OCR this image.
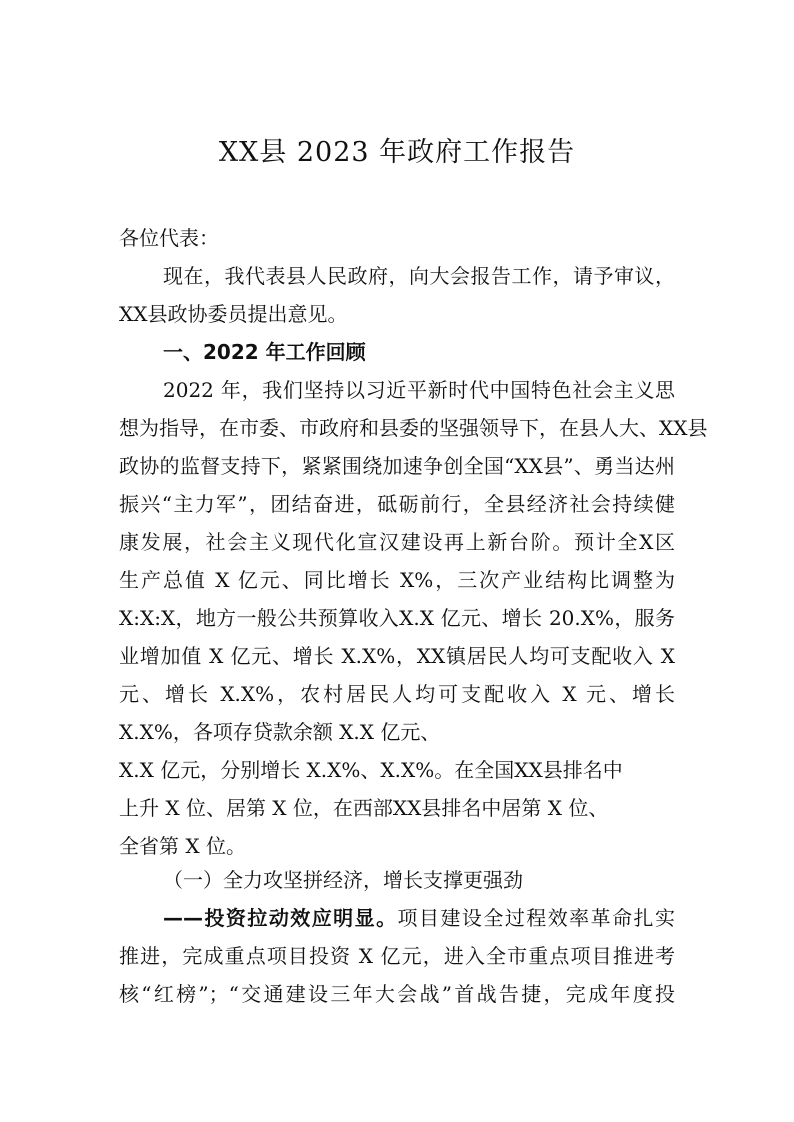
XX县 2023 年政府工作报告
各位代表：
现在，我代表县人民政府，向大会报告工作，请予审议，
XX县政协委员提出意见。
一、2022 年工作回顾
2022 年，我们坚持以习近平新时代中国特色社会主义思
想为指导，在市委、市政府和县委的坚强领导下，在县人大、XX县
政协的监督支持下，紧紧围绕加速争创全国“XX县”、勇当达州
振兴“主力军”，团结奋进，砥砺前行，全县经济社会持续健
康发展，社会主义现代化宣汉建设再上新台阶。预计全X区
生产总值 X 亿元、同比增长 X%，三次产业结构比调整为
X:X:X，地方一般公共预算收入X.X 亿元、增长 20.X%，服务
业增加值 X 亿元、增长 X.X%，XX镇居民人均可支配收入 X
元、增长 X.X%，农村居民人均可支配收入 X 元、增长
X.X%，各项存贷款余额 X.X 亿元、
X.X 亿元，分别增长 X.X%、X.X%。在全国XX县排名中
上升 X 位、居第 X 位，在西部XX县排名中居第 X 位、
全省第 X 位。
（一）全力攻坚拼经济，增长支撑更强劲
——投资拉动效应明显。项目建设全过程效率革命扎实
推进，完成重点项目投资 X 亿元，进入全市重点项目推进考
核“红榜”；“交通建设三年大会战”首战告捷，完成年度投
